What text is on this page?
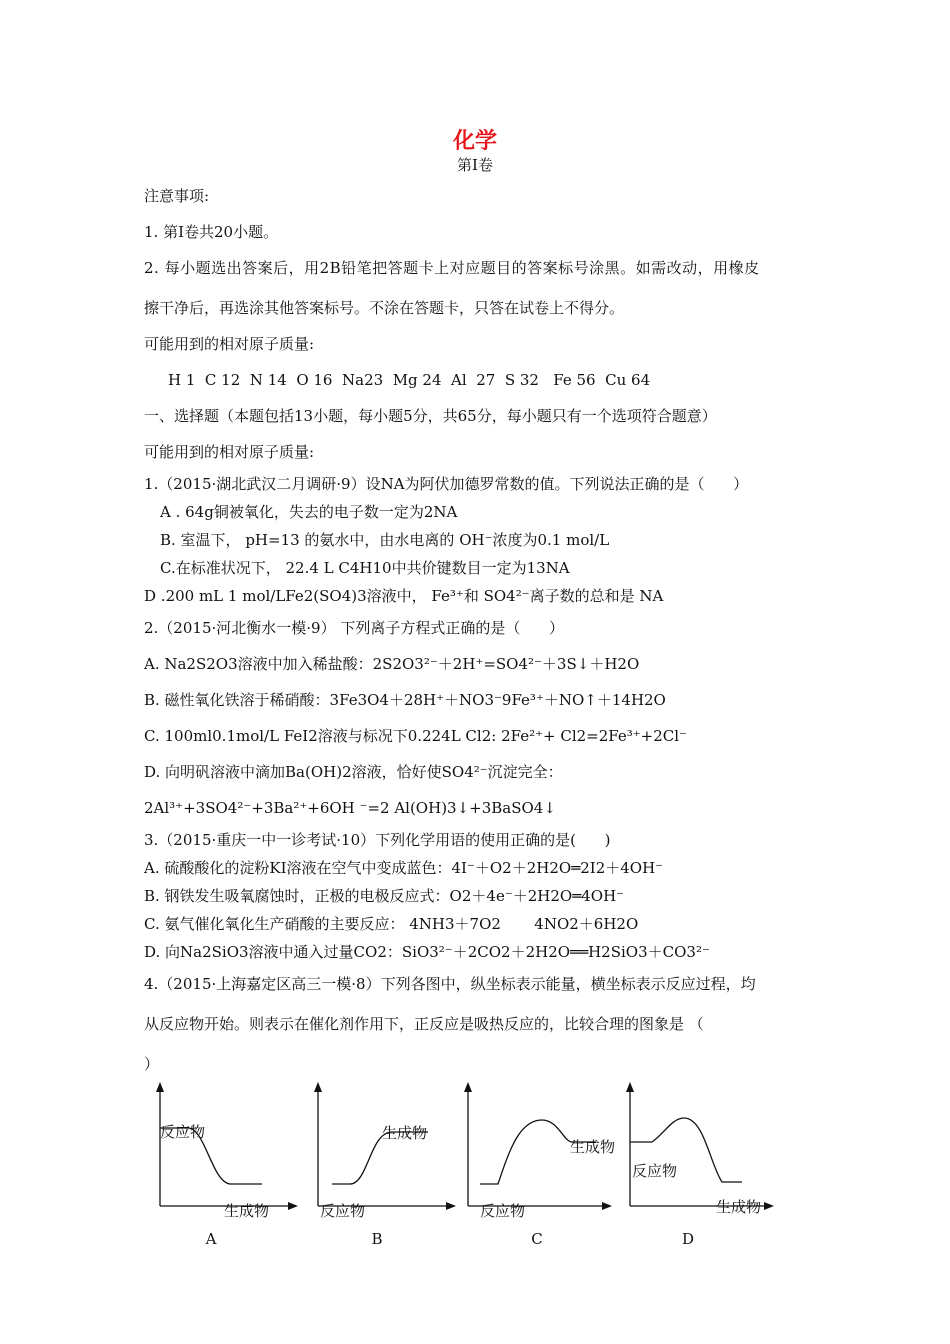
化学
第Ⅰ卷
注意事项:
1. 第Ⅰ卷共20小题。
2. 每小题选出答案后，用2B铅笔把答题卡上对应题目的答案标号涂黑。如需改动，用橡皮
擦干净后，再选涂其他答案标号。不涂在答题卡，只答在试卷上不得分。
可能用到的相对原子质量:
H 1  C 12  N 14  O 16  Na23  Mg 24  Al  27  S 32   Fe 56  Cu 64
一、选择题（本题包括13小题，每小题5分，共65分，每小题只有一个选项符合题意）
可能用到的相对原子质量:
1.（2015·湖北武汉二月调研·9）设NA为阿伏加德罗常数的值。下列说法正确的是（      ）
A . 64g铜被氧化，失去的电子数一定为2NA
B. 室温下， pH=13 的氨水中，由水电离的 OH⁻浓度为0.1 mol/L
C.在标准状况下， 22.4 L C4H10中共价键数目一定为13NA
D .200 mL 1 mol/LFe2(SO4)3溶液中， Fe³⁺和 SO4²⁻离子数的总和是 NA
2.（2015·河北衡水一模·9） 下列离子方程式正确的是（      ）
A. Na2S2O3溶液中加入稀盐酸：2S2O3²⁻＋2H⁺=SO4²⁻＋3S↓＋H2O
B. 磁性氧化铁溶于稀硝酸：3Fe3O4＋28H⁺＋NO3⁻9Fe³⁺＋NO↑＋14H2O
C. 100ml0.1mol/L FeI2溶液与标况下0.224L Cl2: 2Fe²⁺+ Cl2=2Fe³⁺+2Cl⁻
D. 向明矾溶液中滴加Ba(OH)2溶液，恰好使SO4²⁻沉淀完全：
2Al³⁺+3SO4²⁻+3Ba²⁺+6OH ⁻=2 Al(OH)3↓+3BaSO4↓
3.（2015·重庆一中一诊考试·10）下列化学用语的使用正确的是(      )
A. 硫酸酸化的淀粉KI溶液在空气中变成蓝色：4I⁻＋O2＋2H2O═2I2＋4OH⁻
B. 钢铁发生吸氧腐蚀时，正极的电极反应式：O2＋4e⁻＋2H2O═4OH⁻
C. 氨气催化氧化生产硝酸的主要反应： 4NH3＋7O2       4NO2＋6H2O
D. 向Na2SiO3溶液中通入过量CO2：SiO3²⁻＋2CO2＋2H2O══H2SiO3＋CO3²⁻
4.（2015·上海嘉定区高三一模·8）下列各图中，纵坐标表示能量，横坐标表示反应过程，均
从反应物开始。则表示在催化剂作用下，正反应是吸热反应的，比较合理的图象是 （
）
反应物
生成物
A
生成物
反应物
B
生成物
反应物
C
反应物
生成物
D
